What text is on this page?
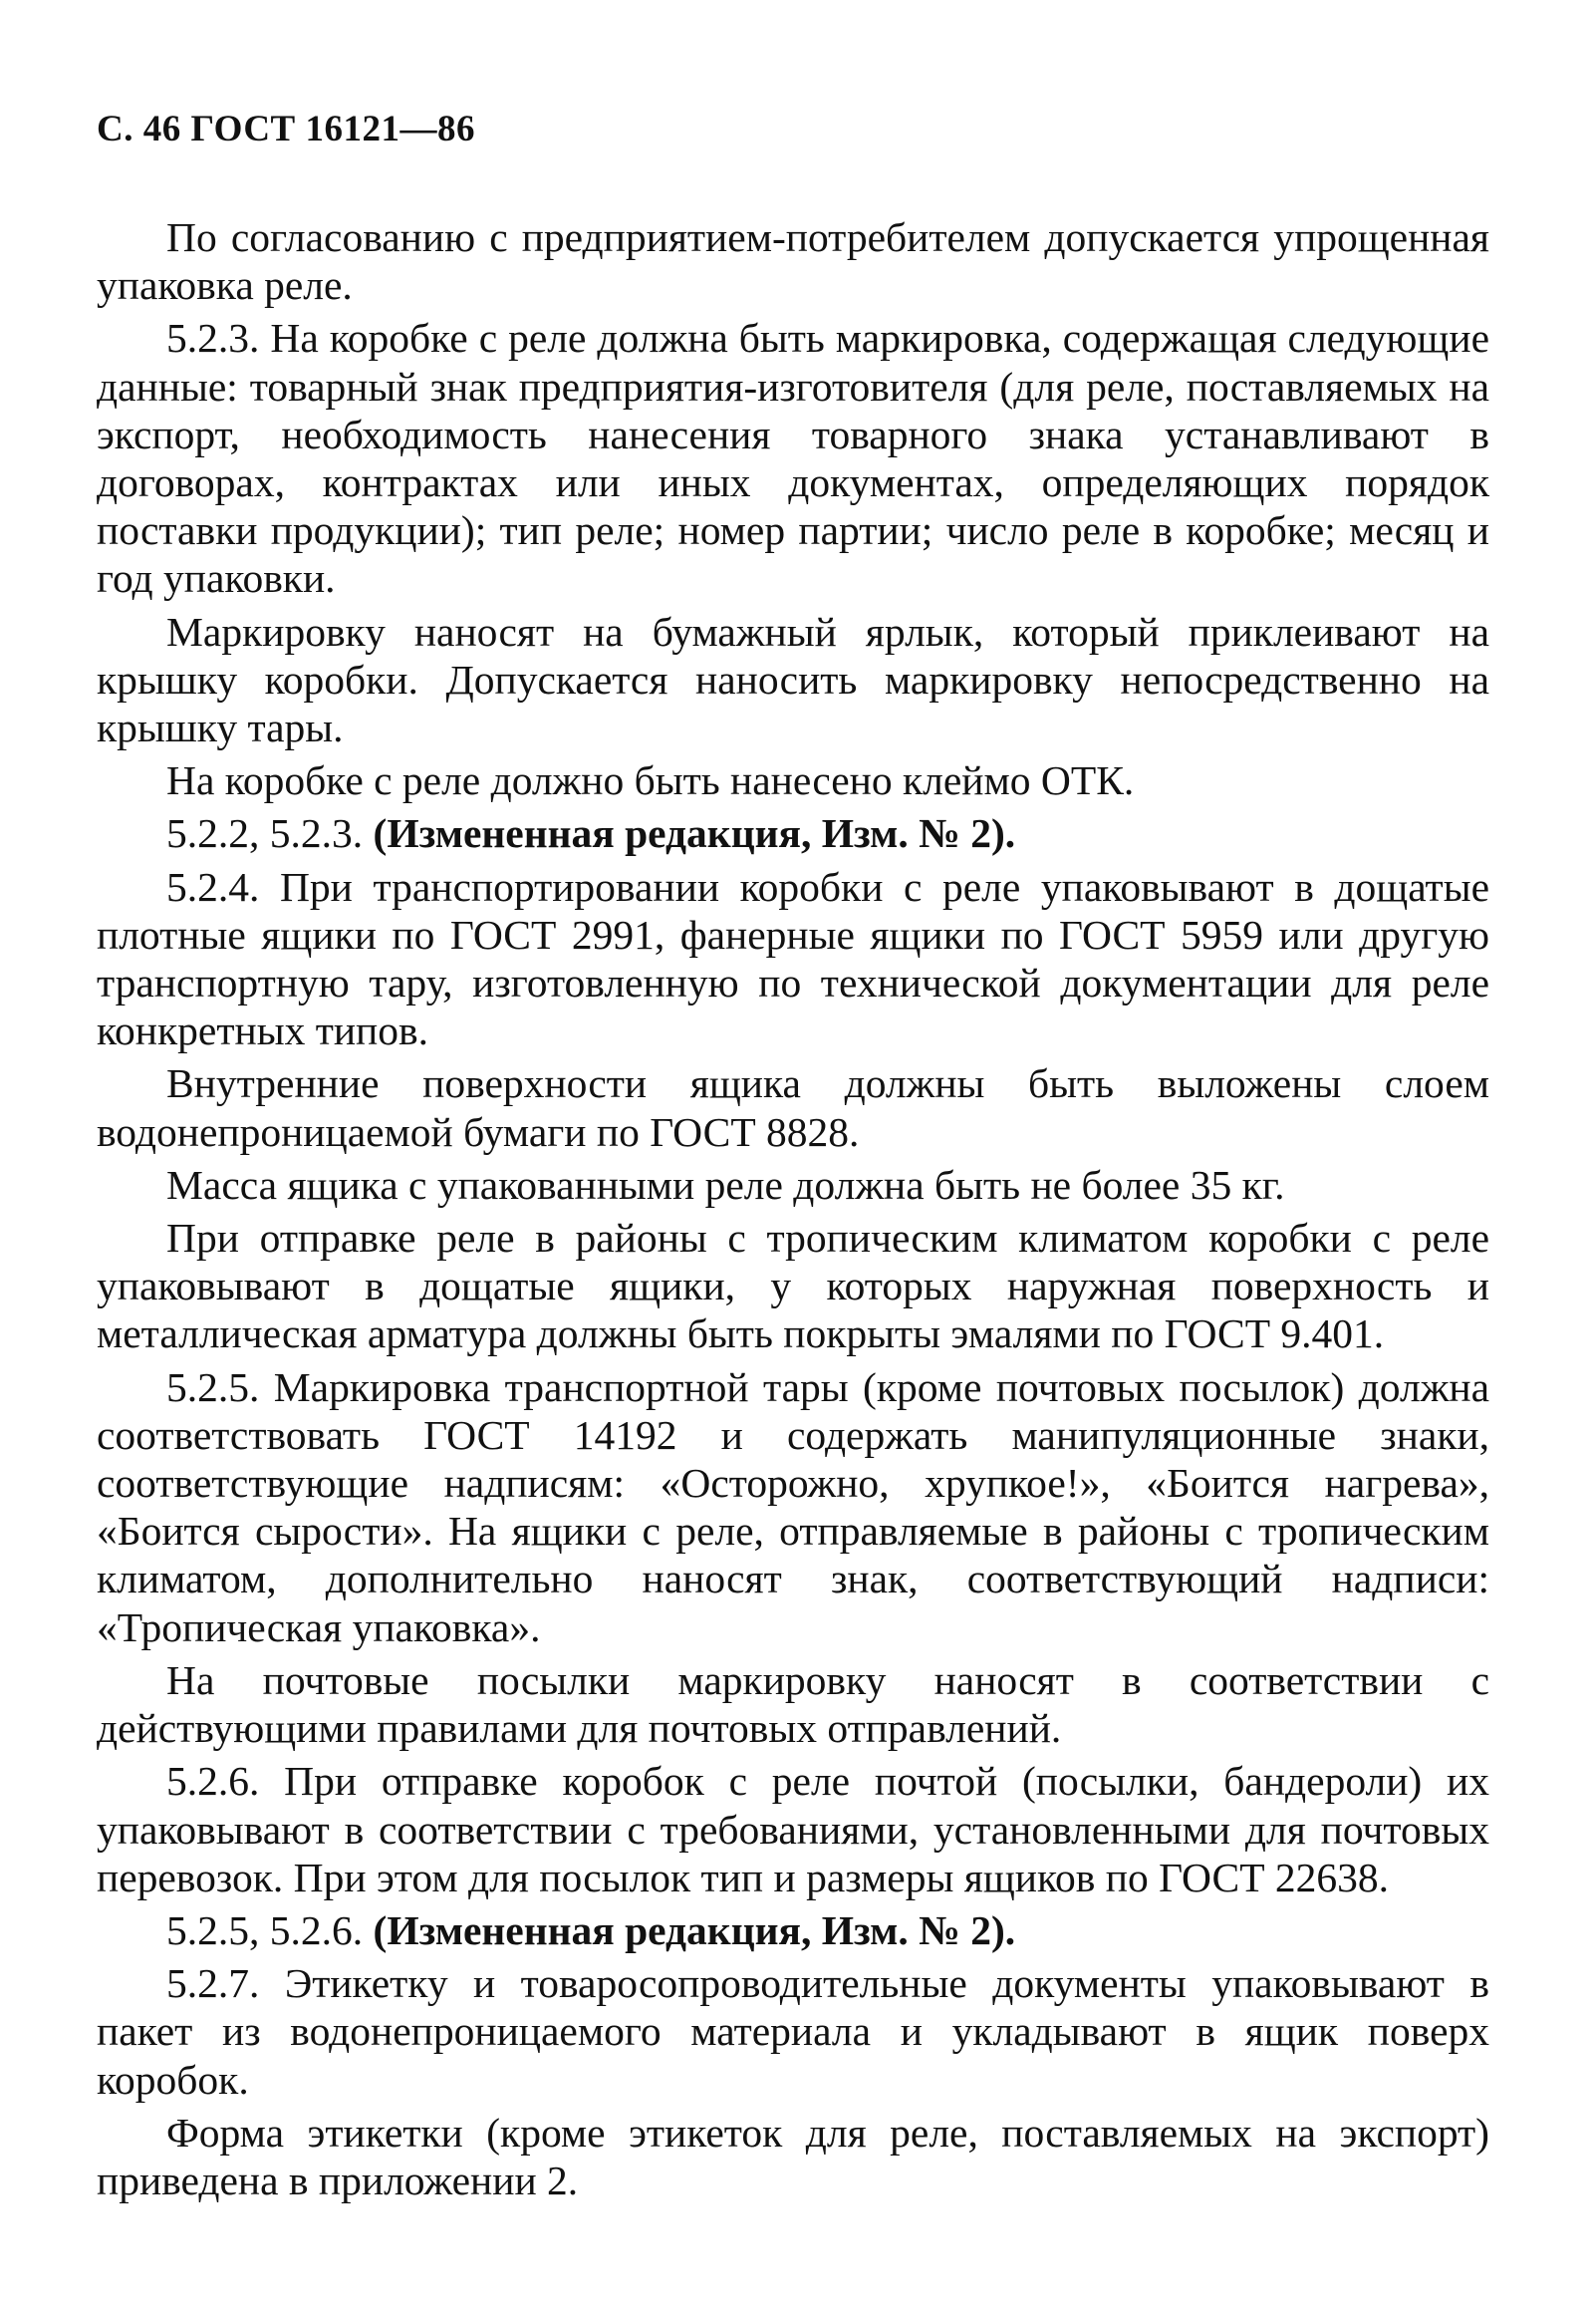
С. 46 ГОСТ 16121—86

По согласованию с предприятием-потребителем допускается упрощенная упаковка реле.

5.2.3. На коробке с реле должна быть маркировка, содержащая следующие данные: товарный знак предприятия-изготовителя (для реле, поставляемых на экспорт, необходимость нанесения товарного знака устанавливают в договорах, контрактах или иных документах, определяющих порядок поставки продукции); тип реле; номер партии; число реле в коробке; месяц и год упаковки.

Маркировку наносят на бумажный ярлык, который приклеивают на крышку коробки. Допускается наносить маркировку непосредственно на крышку тары.

На коробке с реле должно быть нанесено клеймо ОТК.

5.2.2, 5.2.3. (Измененная редакция, Изм. № 2).

5.2.4. При транспортировании коробки с реле упаковывают в дощатые плотные ящики по ГОСТ 2991, фанерные ящики по ГОСТ 5959 или другую транспортную тару, изготовленную по технической документации для реле конкретных типов.

Внутренние поверхности ящика должны быть выложены слоем водонепроницаемой бумаги по ГОСТ 8828.

Масса ящика с упакованными реле должна быть не более 35 кг.

При отправке реле в районы с тропическим климатом коробки с реле упаковывают в дощатые ящики, у которых наружная поверхность и металлическая арматура должны быть покрыты эмалями по ГОСТ 9.401.

5.2.5. Маркировка транспортной тары (кроме почтовых посылок) должна соответствовать ГОСТ 14192 и содержать манипуляционные знаки, соответствующие надписям: «Осторожно, хрупкое!», «Боится нагрева», «Боится сырости». На ящики с реле, отправляемые в районы с тропическим климатом, дополнительно наносят знак, соответствующий надписи: «Тропическая упаковка».

На почтовые посылки маркировку наносят в соответствии с действующими правилами для почтовых отправлений.

5.2.6. При отправке коробок с реле почтой (посылки, бандероли) их упаковывают в соответствии с требованиями, установленными для почтовых перевозок. При этом для посылок тип и размеры ящиков по ГОСТ 22638.

5.2.5, 5.2.6. (Измененная редакция, Изм. № 2).

5.2.7. Этикетку и товаросопроводительные документы упаковывают в пакет из водонепроницаемого материала и укладывают в ящик поверх коробок.

Форма этикетки (кроме этикеток для реле, поставляемых на экспорт) приведена в приложении 2.
